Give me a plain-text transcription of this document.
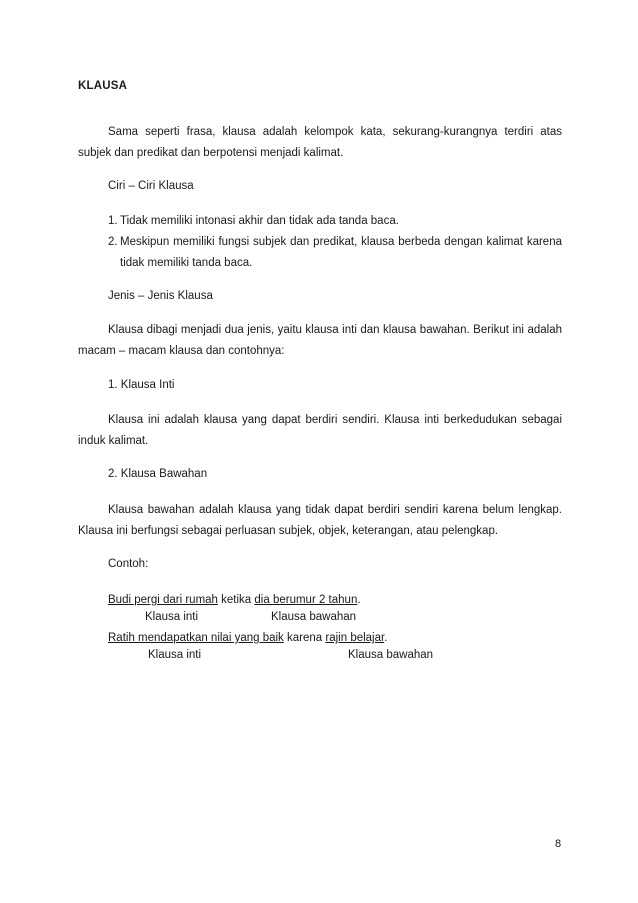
KLAUSA
Sama seperti frasa, klausa adalah kelompok kata, sekurang-kurangnya terdiri atas subjek dan predikat dan berpotensi menjadi kalimat.
Ciri – Ciri Klausa
1. Tidak memiliki intonasi akhir dan tidak ada tanda baca.
2. Meskipun memiliki fungsi subjek dan predikat, klausa berbeda dengan kalimat karena tidak memiliki tanda baca.
Jenis – Jenis Klausa
Klausa dibagi menjadi dua jenis, yaitu klausa inti dan klausa bawahan. Berikut ini adalah macam – macam klausa dan contohnya:
1. Klausa Inti
Klausa ini adalah klausa yang dapat berdiri sendiri. Klausa inti berkedudukan sebagai induk kalimat.
2. Klausa Bawahan
Klausa bawahan adalah klausa yang tidak dapat berdiri sendiri karena belum lengkap. Klausa ini berfungsi sebagai perluasan subjek, objek, keterangan, atau pelengkap.
Contoh:
Budi pergi dari rumah ketika dia berumur 2 tahun.
Klausa inti	Klausa bawahan
Ratih mendapatkan nilai yang baik karena rajin belajar.
Klausa inti	Klausa bawahan
8
